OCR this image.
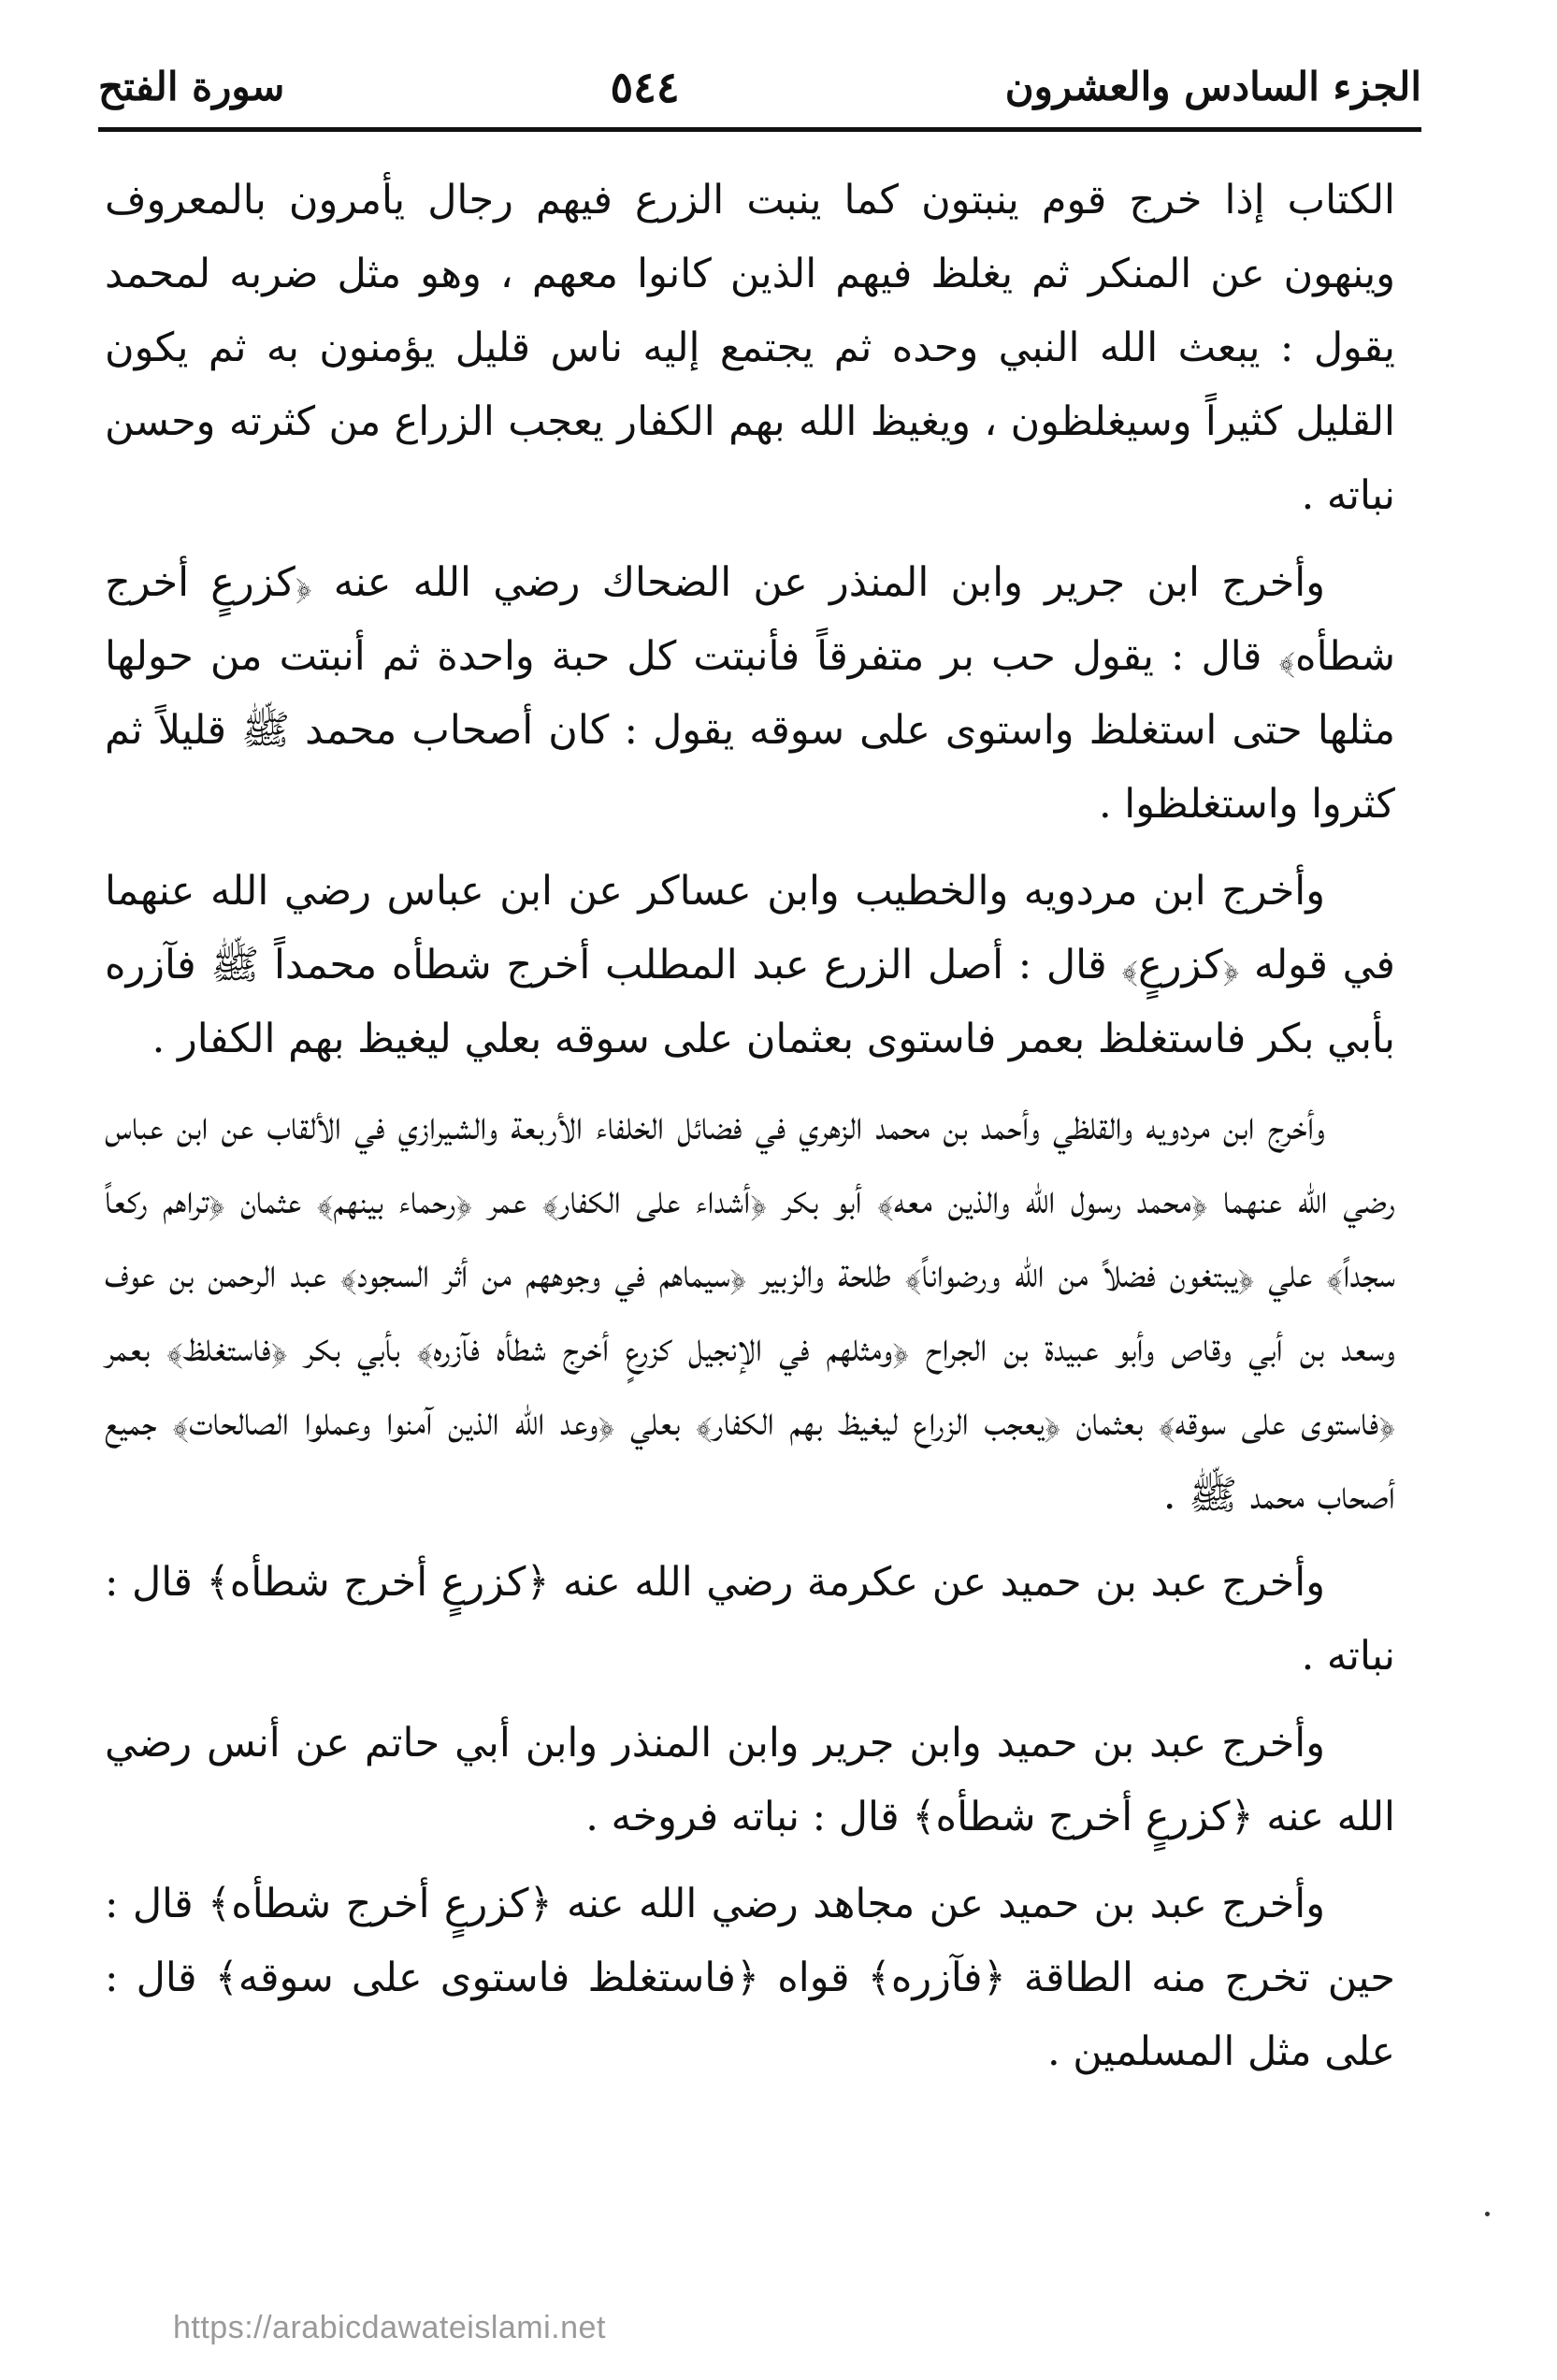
الجزء السادس والعشرون
٥٤٤
سورة الفتح

الكتاب إذا خرج قوم ينبتون كما ينبت الزرع فيهم رجال يأمرون بالمعروف وينهون عن المنكر ثم يغلظ فيهم الذين كانوا معهم ، وهو مثل ضربه لمحمد يقول : يبعث الله النبي وحده ثم يجتمع إليه ناس قليل يؤمنون به ثم يكون القليل كثيراً وسيغلظون ، ويغيظ الله بهم الكفار يعجب الزراع من كثرته وحسن نباته .

وأخرج ابن جرير وابن المنذر عن الضحاك رضي الله عنه ﴿كزرعٍ أخرج شطأه﴾ قال : يقول حب بر متفرقاً فأنبتت كل حبة واحدة ثم أنبتت من حولها مثلها حتى استغلظ واستوى على سوقه يقول : كان أصحاب محمد ﷺ قليلاً ثم كثروا واستغلظوا .

وأخرج ابن مردويه والخطيب وابن عساكر عن ابن عباس رضي الله عنهما في قوله ﴿كزرعٍ﴾ قال : أصل الزرع عبد المطلب أخرج شطأه محمداً ﷺ فآزره بأبي بكر فاستغلظ بعمر فاستوى بعثمان على سوقه بعلي ليغيظ بهم الكفار .

وأخرج ابن مردويه والقلظي وأحمد بن محمد الزهري في فضائل الخلفاء الأربعة والشيرازي في الألقاب عن ابن عباس رضي الله عنهما ﴿محمد رسول الله والذين معه﴾ أبو بكر ﴿أشداء على الكفار﴾ عمر ﴿رحماء بينهم﴾ عثمان ﴿تراهم ركعاً سجداً﴾ علي ﴿يبتغون فضلاً من الله ورضواناً﴾ طلحة والزبير ﴿سيماهم في وجوههم من أثر السجود﴾ عبد الرحمن بن عوف وسعد بن أبي وقاص وأبو عبيدة بن الجراح ﴿ومثلهم في الإنجيل كزرعٍ أخرج شطأه فآزره﴾ بأبي بكر ﴿فاستغلظ﴾ بعمر ﴿فاستوى على سوقه﴾ بعثمان ﴿يعجب الزراع ليغيظ بهم الكفار﴾ بعلي ﴿وعد الله الذين آمنوا وعملوا الصالحات﴾ جميع أصحاب محمد ﷺ .

وأخرج عبد بن حميد عن عكرمة رضي الله عنه ﴿كزرعٍ أخرج شطأه﴾ قال : نباته .

وأخرج عبد بن حميد وابن جرير وابن المنذر وابن أبي حاتم عن أنس رضي الله عنه ﴿كزرعٍ أخرج شطأه﴾ قال : نباته فروخه .

وأخرج عبد بن حميد عن مجاهد رضي الله عنه ﴿كزرعٍ أخرج شطأه﴾ قال : حين تخرج منه الطاقة ﴿فآزره﴾ قواه ﴿فاستغلظ فاستوى على سوقه﴾ قال : على مثل المسلمين .

https://arabicdawateislami.net
